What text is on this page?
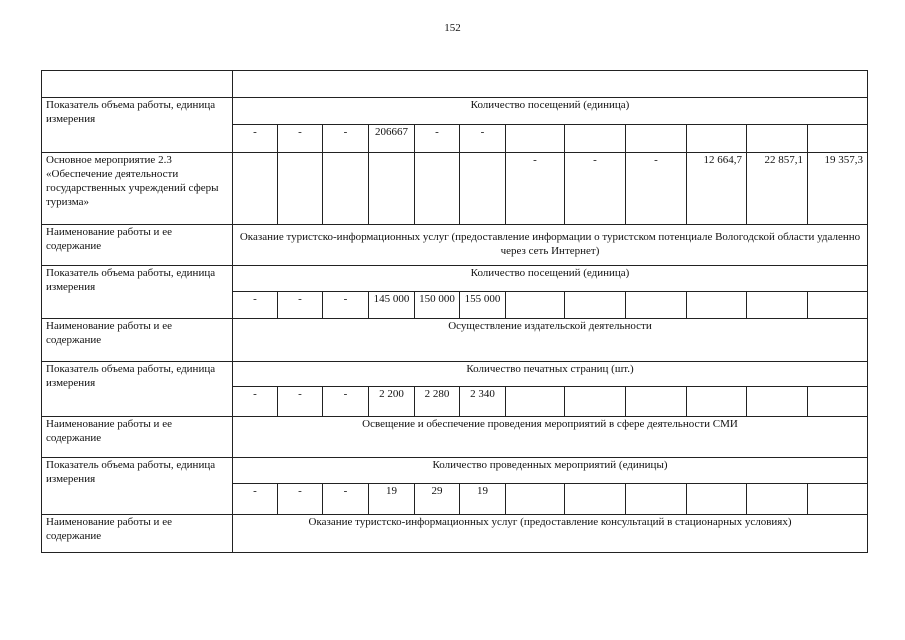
152

Показатель объема работы, единица измерения	Количество посещений (единица)											
	-	-	-	206667	-	-						
Основное мероприятие 2.3 «Обеспечение деятельности государственных учреждений сферы туризма»							-	-	-	12 664,7	22 857,1	19 357,3
Наименование работы и ее содержание	Оказание туристско-информационных услуг (предоставление информации о туристском потенциале Вологодской области удаленно через сеть Интернет)											
Показатель объема работы, единица измерения	Количество посещений (единица)											
	-	-	-	145 000	150 000	155 000						
Наименование работы и ее содержание	Осуществление издательской деятельности											
Показатель объема работы, единица измерения	Количество печатных страниц (шт.)											
	-	-	-	2 200	2 280	2 340						
Наименование работы и ее содержание	Освещение и обеспечение проведения мероприятий в сфере деятельности СМИ											
Показатель объема работы, единица измерения	Количество проведенных мероприятий (единицы)											
	-	-	-	19	29	19						
Наименование работы и ее содержание	Оказание туристско-информационных услуг (предоставление консультаций в стационарных условиях)											
